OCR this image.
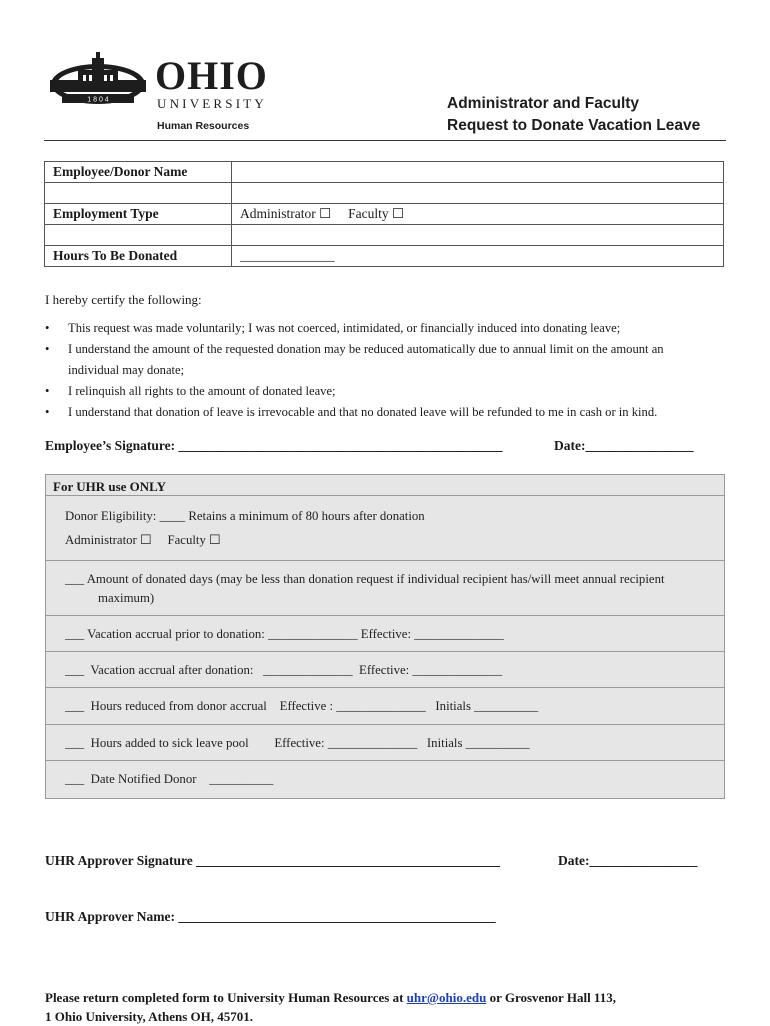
1 8 0 4
OHIO
UNIVERSITY
Human Resources
Administrator and Faculty
Request to Donate Vacation Leave
Employee/Donor Name	

Employment Type	Administrator ☐     Faculty ☐

Hours To Be Donated	______________
I hereby certify the following:
• This request was made voluntarily; I was not coerced, intimidated, or financially induced into donating leave;
• I understand the amount of the requested donation may be reduced automatically due to annual limit on the amount an individual may donate;
• I relinquish all rights to the amount of donated leave;
• I understand that donation of leave is irrevocable and that no donated leave will be refunded to me in cash or in kind.
Employee’s Signature: ________________________________________________	Date:________________
For UHR use ONLY
Donor Eligibility: ____ Retains a minimum of 80 hours after donation
Administrator ☐     Faculty ☐
___ Amount of donated days (may be less than donation request if individual recipient has/will meet annual recipient
maximum)
___ Vacation accrual prior to donation: ______________ Effective: ______________
___  Vacation accrual after donation:   ______________  Effective: ______________
___  Hours reduced from donor accrual    Effective : ______________   Initials __________
___  Hours added to sick leave pool        Effective: ______________   Initials __________
___  Date Notified Donor    __________
UHR Approver Signature _____________________________________________	Date:________________
UHR Approver Name: _______________________________________________
Please return completed form to University Human Resources at uhr@ohio.edu or Grosvenor Hall 113,
1 Ohio University, Athens OH, 45701.
